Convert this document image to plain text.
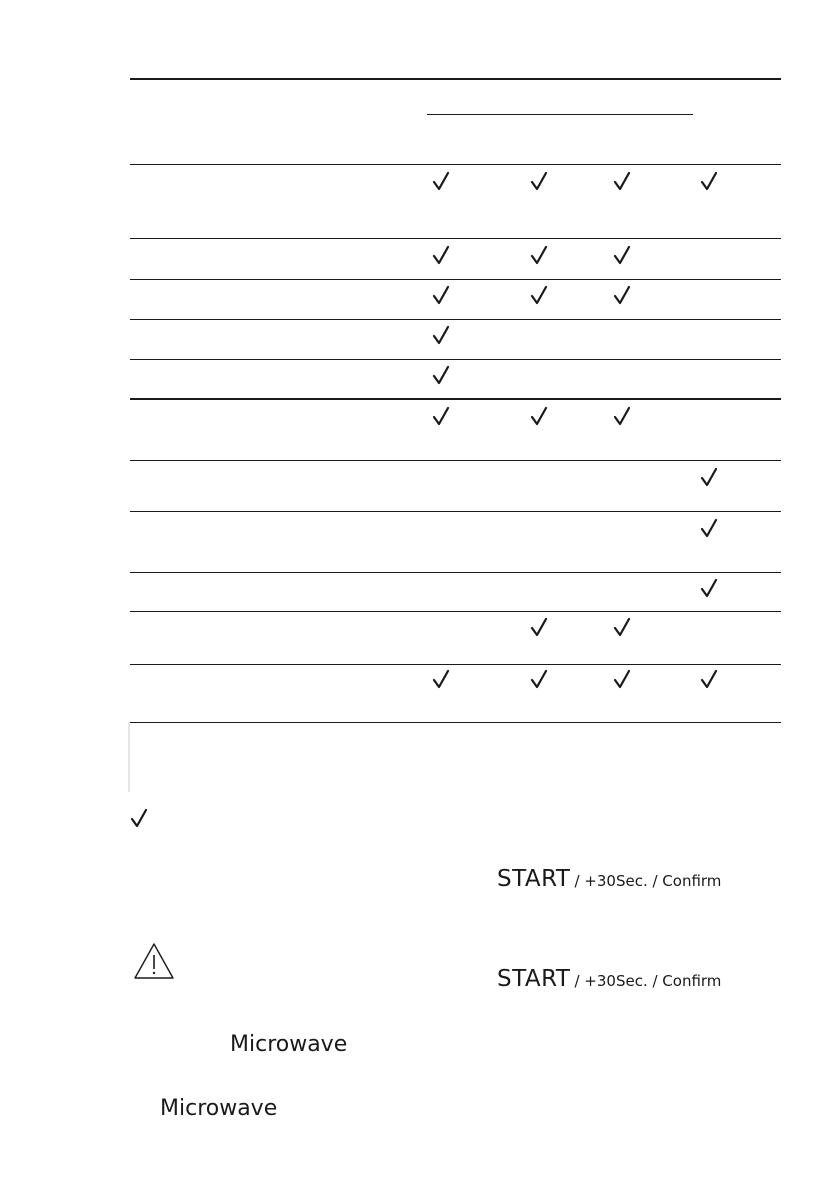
START / +30Sec. / Confirm
START / +30Sec. / Confirm
Microwave
Microwave
